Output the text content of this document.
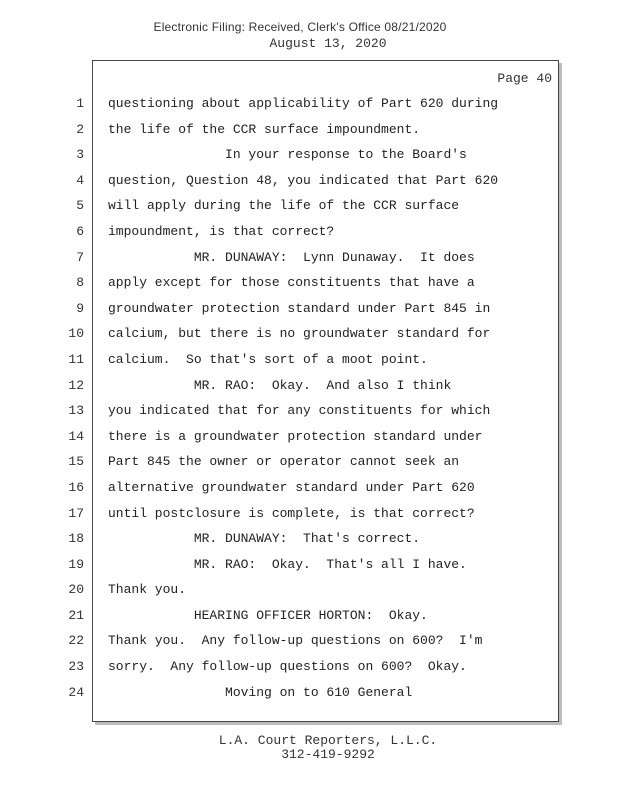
Electronic Filing: Received, Clerk's Office 08/21/2020
August 13, 2020
Page 40
1
2
3
4
5
6
7
8
9
10
11
12
13
14
15
16
17
18
19
20
21
22
23
24
questioning about applicability of Part 620 during
the life of the CCR surface impoundment.
In your response to the Board's
question, Question 48, you indicated that Part 620
will apply during the life of the CCR surface
impoundment, is that correct?
MR. DUNAWAY:  Lynn Dunaway.  It does
apply except for those constituents that have a
groundwater protection standard under Part 845 in
calcium, but there is no groundwater standard for
calcium.  So that's sort of a moot point.
MR. RAO:  Okay.  And also I think
you indicated that for any constituents for which
there is a groundwater protection standard under
Part 845 the owner or operator cannot seek an
alternative groundwater standard under Part 620
until postclosure is complete, is that correct?
MR. DUNAWAY:  That's correct.
MR. RAO:  Okay.  That's all I have.
Thank you.
HEARING OFFICER HORTON:  Okay.
Thank you.  Any follow-up questions on 600?  I'm
sorry.  Any follow-up questions on 600?  Okay.
Moving on to 610 General
L.A. Court Reporters, L.L.C.
312-419-9292
